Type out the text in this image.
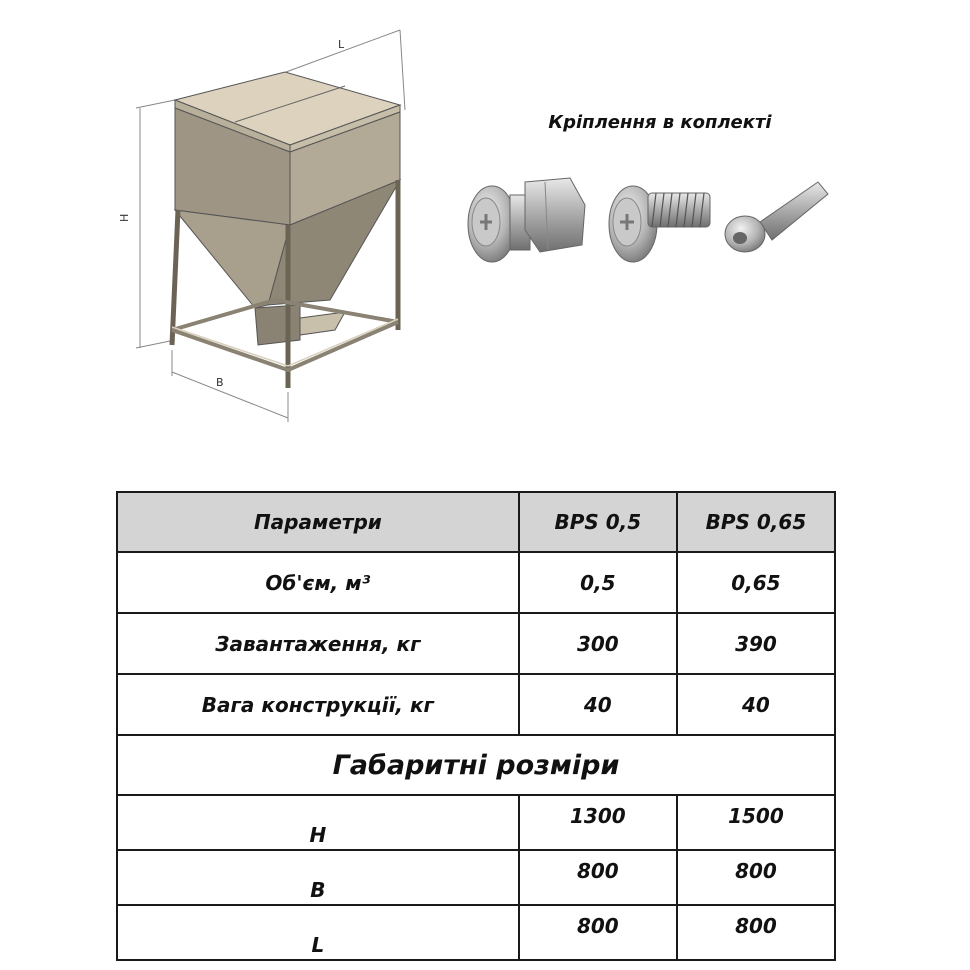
H
L
B
Кріплення в коплекті
Параметри	BPS 0,5	BPS 0,65
Об'єм, м³	0,5	0,65
Завантаження, кг	300	390
Вага конструкції, кг	40	40
Габаритні розміри		
H	1300	1500
B	800	800
L	800	800
